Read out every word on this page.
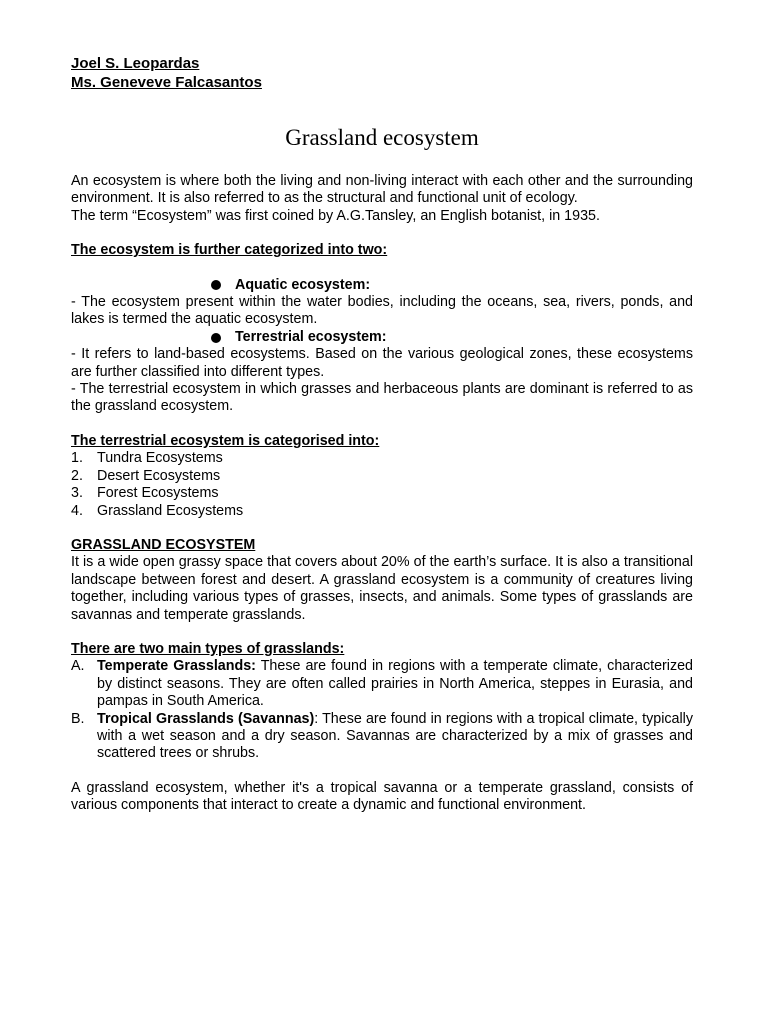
Joel S. Leopardas
Ms. Geneveve Falcasantos
Grassland ecosystem

An ecosystem is where both the living and non-living interact with each other and the surrounding environment. It is also referred to as the structural and functional unit of ecology.

The term “Ecosystem” was first coined by A.G.Tansley, an English botanist, in 1935.

The ecosystem is further categorized into two:

Aquatic ecosystem:

- The ecosystem present within the water bodies, including the oceans, sea, rivers, ponds, and lakes is termed the aquatic ecosystem.

Terrestrial ecosystem:

- It refers to land-based ecosystems. Based on the various geological zones, these ecosystems are further classified into different types.

- The terrestrial ecosystem in which grasses and herbaceous plants are dominant is referred to as the grassland ecosystem.

The terrestrial ecosystem is categorised into:

1. Tundra Ecosystems
2. Desert Ecosystems
3. Forest Ecosystems
4. Grassland Ecosystems

GRASSLAND ECOSYSTEM

It is a wide open grassy space that covers about 20% of the earth’s surface. It is also a transitional landscape between forest and desert. A grassland ecosystem is a community of creatures living together, including various types of grasses, insects, and animals. Some types of grasslands are savannas and temperate grasslands.

There are two main types of grasslands:

A. Temperate Grasslands: These are found in regions with a temperate climate, characterized by distinct seasons. They are often called prairies in North America, steppes in Eurasia, and pampas in South America.
B. Tropical Grasslands (Savannas): These are found in regions with a tropical climate, typically with a wet season and a dry season. Savannas are characterized by a mix of grasses and scattered trees or shrubs.

A grassland ecosystem, whether it's a tropical savanna or a temperate grassland, consists of various components that interact to create a dynamic and functional environment.
